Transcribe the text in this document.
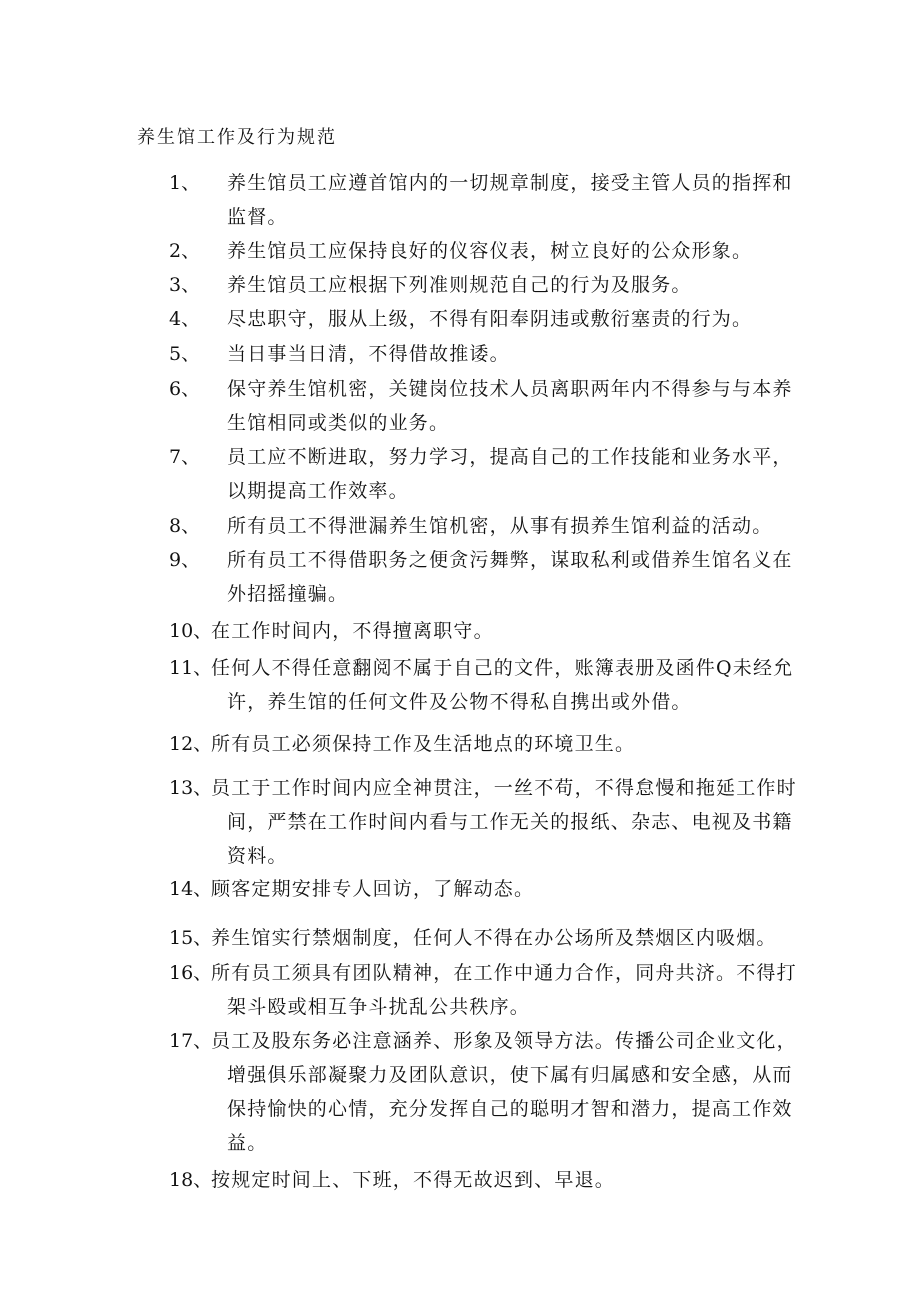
养生馆工作及行为规范
1、 养生馆员工应遵首馆内的一切规章制度，接受主管人员的指挥和
监督。
2、 养生馆员工应保持良好的仪容仪表，树立良好的公众形象。
3、 养生馆员工应根据下列准则规范自己的行为及服务。
4、 尽忠职守，服从上级，不得有阳奉阴违或敷衍塞责的行为。
5、 当日事当日清，不得借故推诿。
6、 保守养生馆机密，关键岗位技术人员离职两年内不得参与与本养
生馆相同或类似的业务。
7、 员工应不断进取，努力学习，提高自己的工作技能和业务水平，
以期提高工作效率。
8、 所有员工不得泄漏养生馆机密，从事有损养生馆利益的活动。
9、 所有员工不得借职务之便贪污舞弊，谋取私利或借养生馆名义在
外招摇撞骗。
10、
在工作时间内，不得擅离职守。
11、
任何人不得任意翻阅不属于自己的文件，账簿表册及函件Q未经允
许，养生馆的任何文件及公物不得私自携出或外借。
12、
所有员工必须保持工作及生活地点的环境卫生。
13、
员工于工作时间内应全神贯注，一丝不苟，不得怠慢和拖延工作时
间，严禁在工作时间内看与工作无关的报纸、杂志、电视及书籍
资料。
14、
顾客定期安排专人回访，了解动态。
15、
养生馆实行禁烟制度，任何人不得在办公场所及禁烟区内吸烟。
16、
所有员工须具有团队精神，在工作中通力合作，同舟共济。不得打
架斗殴或相互争斗扰乱公共秩序。
17、
员工及股东务必注意涵养、形象及领导方法。传播公司企业文化，
增强俱乐部凝聚力及团队意识，使下属有归属感和安全感，从而
保持愉快的心情，充分发挥自己的聪明才智和潜力，提高工作效
益。
18、
按规定时间上、下班，不得无故迟到、早退。
